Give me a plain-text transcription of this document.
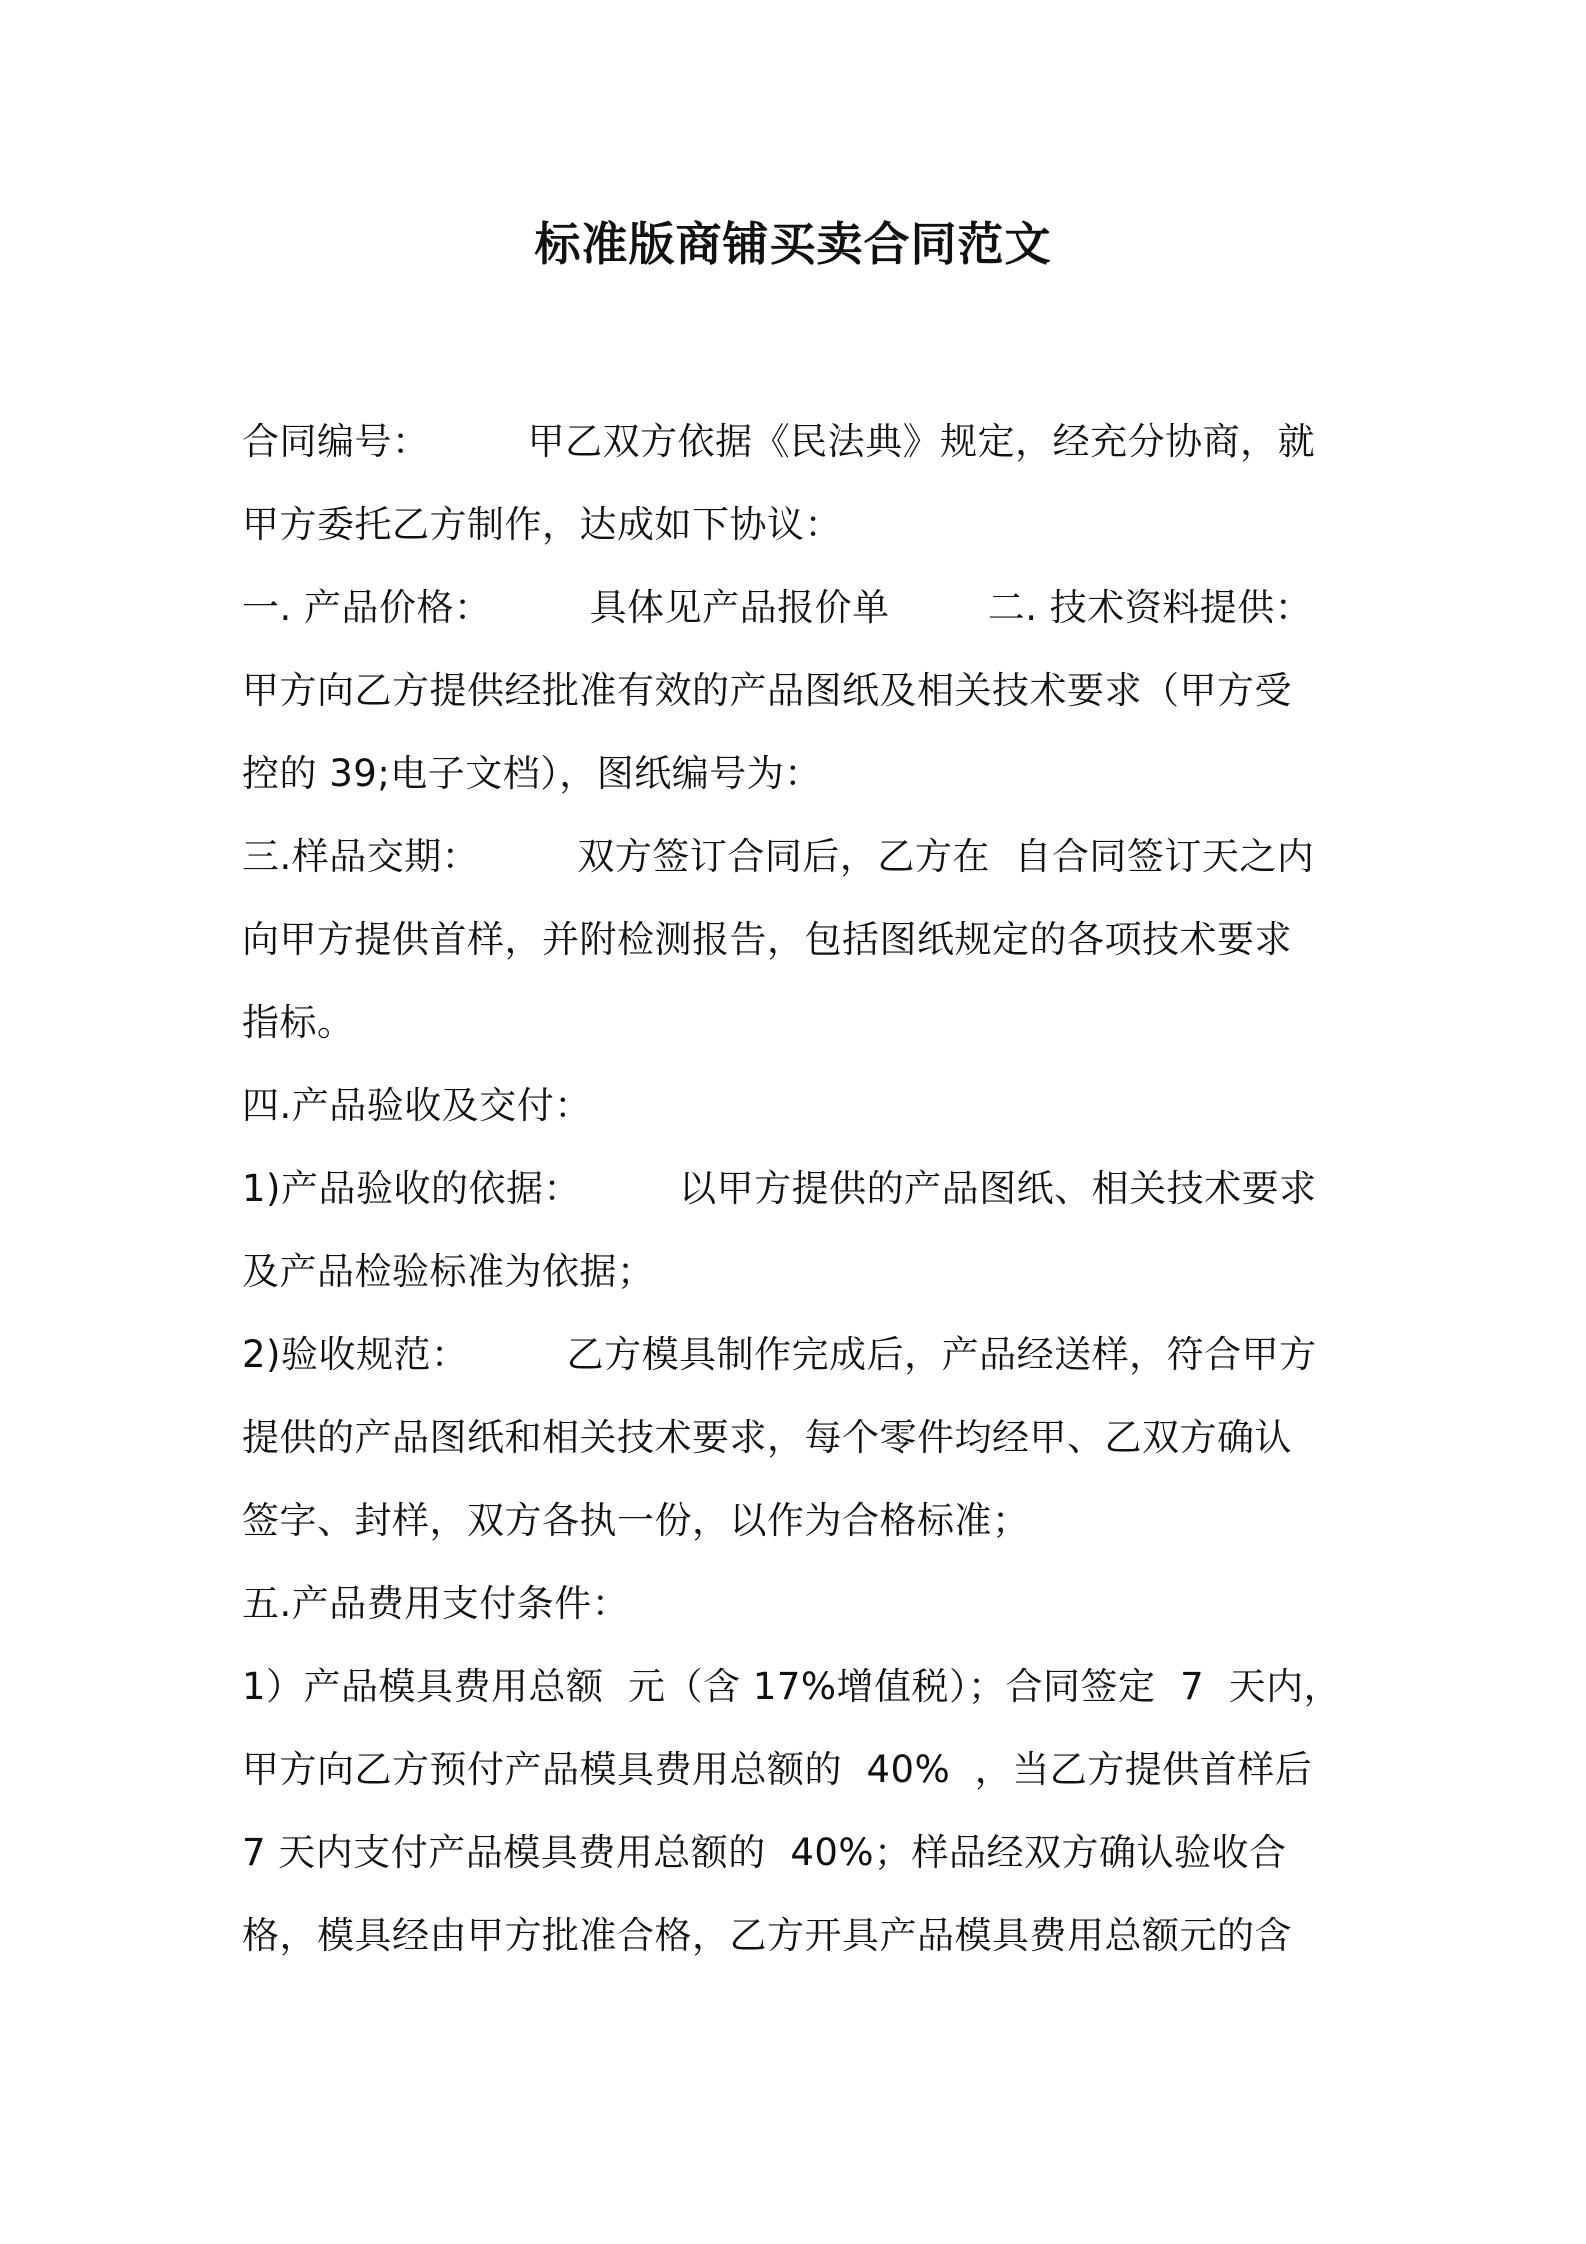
标准版商铺买卖合同范文
合同编号：        甲乙双方依据《民法典》规定，经充分协商，就
甲方委托乙方制作，达成如下协议：
一. 产品价格：        具体见产品报价单        二. 技术资料提供：
甲方向乙方提供经批准有效的产品图纸及相关技术要求（甲方受
控的 39;电子文档），图纸编号为：
三.样品交期：        双方签订合同后，乙方在  自合同签订天之内
向甲方提供首样，并附检测报告，包括图纸规定的各项技术要求
指标。
四.产品验收及交付：
1)产品验收的依据：        以甲方提供的产品图纸、相关技术要求
及产品检验标准为依据；
2)验收规范：        乙方模具制作完成后，产品经送样，符合甲方
提供的产品图纸和相关技术要求，每个零件均经甲、乙双方确认
签字、封样，双方各执一份，以作为合格标准；
五.产品费用支付条件：
1）产品模具费用总额  元（含 17%增值税）；合同签定  7  天内，
甲方向乙方预付产品模具费用总额的  40%  ，当乙方提供首样后
7 天内支付产品模具费用总额的  40%；样品经双方确认验收合
格，模具经由甲方批准合格，乙方开具产品模具费用总额元的含
